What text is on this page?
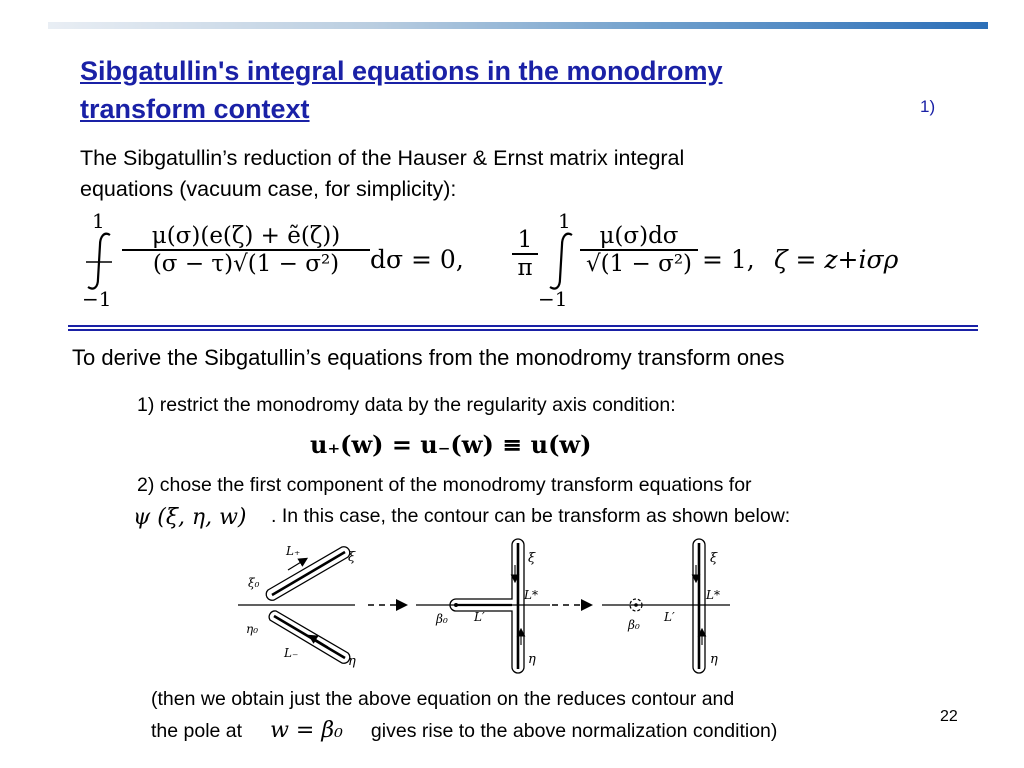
Sibgatullin's integral equations in the monodromy
transform context	1)
The Sibgatullin’s reduction of the Hauser & Ernst matrix integral
equations (vacuum case, for simplicity):
1
−1
μ(σ)(e(ζ) + ẽ(ζ))
(σ − τ)√(1 − σ²)	dσ = 0,
1
π
1
−1
μ(σ)dσ
√(1 − σ²) = 1, ζ = z+iσρ
To derive the Sibgatullin’s equations from the monodromy transform ones
1) restrict the monodromy data by the regularity axis condition:
u₊(w) = u₋(w) ≡ u(w)
2) chose the first component of the monodromy transform equations for
ψ (ξ, η, w) . In this case, the contour can be transform as shown below:
L₊	ξ
ξ₀
η₀
L₋
η
ξ
L*
β₀ L′
η
ξ
L*
β₀
L′
η
(then we obtain just the above equation on the reduces contour and
the pole at w = β₀ gives rise to the above normalization condition)
22
